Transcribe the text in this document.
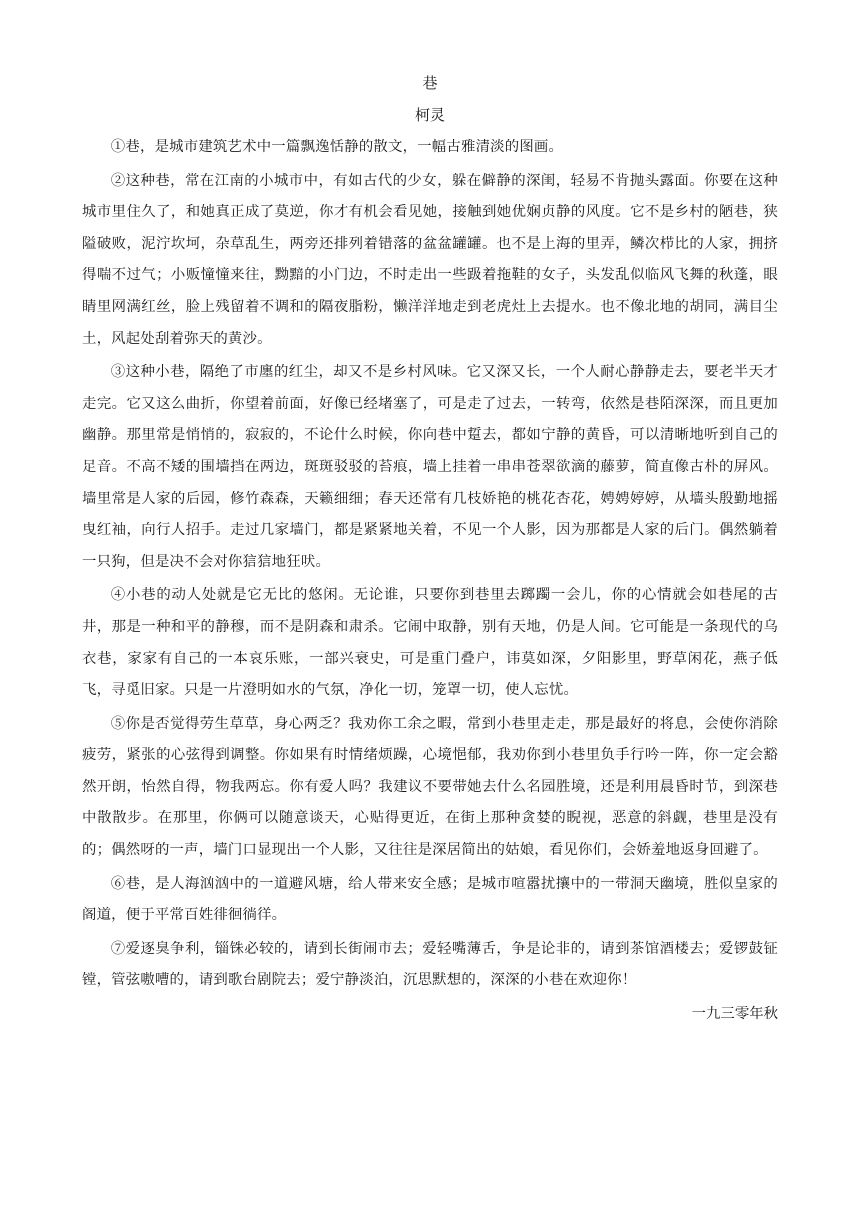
巷

柯灵

①巷，是城市建筑艺术中一篇飘逸恬静的散文，一幅古雅清淡的图画。

②这种巷，常在江南的小城市中，有如古代的少女，躲在僻静的深闺，轻易不肯抛头露面。你要在这种城市里住久了，和她真正成了莫逆，你才有机会看见她，接触到她优娴贞静的风度。它不是乡村的陋巷，狭隘破败，泥泞坎坷，杂草乱生，两旁还排列着错落的盆盆罐罐。也不是上海的里弄，鳞次栉比的人家，拥挤得喘不过气；小贩憧憧来往，黝黯的小门边，不时走出一些趿着拖鞋的女子，头发乱似临风飞舞的秋蓬，眼睛里网满红丝，脸上残留着不调和的隔夜脂粉，懒洋洋地走到老虎灶上去提水。也不像北地的胡同，满目尘土，风起处刮着弥天的黄沙。

③这种小巷，隔绝了市廛的红尘，却又不是乡村风味。它又深又长，一个人耐心静静走去，要老半天才走完。它又这么曲折，你望着前面，好像已经堵塞了，可是走了过去，一转弯，依然是巷陌深深，而且更加幽静。那里常是悄悄的，寂寂的，不论什么时候，你向巷中踅去，都如宁静的黄昏，可以清晰地听到自己的足音。不高不矮的围墙挡在两边，斑斑驳驳的苔痕，墙上挂着一串串苍翠欲滴的藤萝，简直像古朴的屏风。墙里常是人家的后园，修竹森森，天籁细细；春天还常有几枝娇艳的桃花杏花，娉娉婷婷，从墙头殷勤地摇曳红袖，向行人招手。走过几家墙门，都是紧紧地关着，不见一个人影，因为那都是人家的后门。偶然躺着一只狗，但是决不会对你狺狺地狂吠。

④小巷的动人处就是它无比的悠闲。无论谁，只要你到巷里去踯躅一会儿，你的心情就会如巷尾的古井，那是一种和平的静穆，而不是阴森和肃杀。它闹中取静，别有天地，仍是人间。它可能是一条现代的乌衣巷，家家有自己的一本哀乐账，一部兴衰史，可是重门叠户，讳莫如深，夕阳影里，野草闲花，燕子低飞，寻觅旧家。只是一片澄明如水的气氛，净化一切，笼罩一切，使人忘忧。

⑤你是否觉得劳生草草，身心两乏？我劝你工余之暇，常到小巷里走走，那是最好的将息，会使你消除疲劳，紧张的心弦得到调整。你如果有时情绪烦躁，心境悒郁，我劝你到小巷里负手行吟一阵，你一定会豁然开朗，怡然自得，物我两忘。你有爱人吗？我建议不要带她去什么名园胜境，还是利用晨昏时节，到深巷中散散步。在那里，你俩可以随意谈天，心贴得更近，在街上那种贪婪的睨视，恶意的斜觑，巷里是没有的；偶然呀的一声，墙门口显现出一个人影，又往往是深居简出的姑娘，看见你们，会娇羞地返身回避了。

⑥巷，是人海汹汹中的一道避风塘，给人带来安全感；是城市喧嚣扰攘中的一带洞天幽境，胜似皇家的阁道，便于平常百姓徘徊徜徉。

⑦爱逐臭争利，锱铢必较的，请到长街闹市去；爱轻嘴薄舌，争是论非的，请到茶馆酒楼去；爱锣鼓钲镗，管弦嗷嘈的，请到歌台剧院去；爱宁静淡泊，沉思默想的，深深的小巷在欢迎你！

一九三零年秋
